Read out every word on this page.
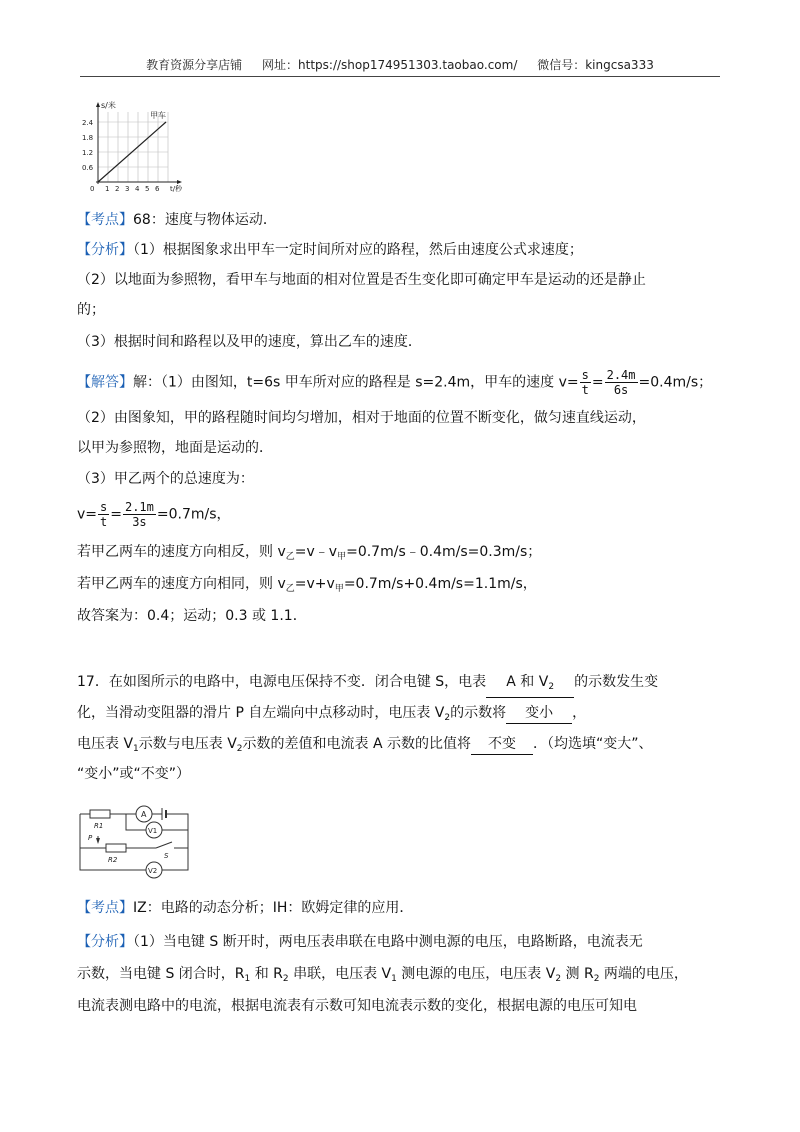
教育资源分享店铺 网址：https://shop174951303.taobao.com/ 微信号：kingcsa333
s/米
甲车
2.4
1.8
1.2
0.6
0 1 2 3 4 5 6 t/秒
【考点】68：速度与物体运动．
【分析】（1）根据图象求出甲车一定时间所对应的路程，然后由速度公式求速度；
（2）以地面为参照物，看甲车与地面的相对位置是否生变化即可确定甲车是运动的还是静止
的；
（3）根据时间和路程以及甲的速度，算出乙车的速度．
【解答】解：（1）由图知，t=6s 甲车所对应的路程是 s=2.4m，甲车的速度 $v= \frac{s}{t} = \frac{2.4m}{6s} =0.4m/s$；
（2）由图象知，甲的路程随时间均匀增加，相对于地面的位置不断变化，做匀速直线运动，
以甲为参照物，地面是运动的．
（3）甲乙两个的总速度为：
$v= \frac{s}{t} = \frac{2.1m}{3s} =0.7m/s$，
若甲乙两车的速度方向相反，则 $v_乙=v﹣v_甲=0.7m/s﹣0.4m/s=0.3m/s$；
若甲乙两车的速度方向相同，则 $v_乙=v+v_甲=0.7m/s+0.4m/s=1.1m/s$，
故答案为：0.4；运动；0.3 或 1.1．
17．在如图所示的电路中，电源电压保持不变．闭合电键 S，电表 A 和 $V_2$ 的示数发生变
化，当滑动变阻器的滑片 P 自左端向中点移动时，电压表 $V_2$的示数将 变小 ，
电压表 $V_1$示数与电压表 $V_2$示数的差值和电流表 A 示数的比值将 不变 ．（均选填“变大”、
“变小”或“不变”）
R1
A
V1
P
R2	S
V2
【考点】IZ：电路的动态分析；IH：欧姆定律的应用．
【分析】（1）当电键 S 断开时，两电压表串联在电路中测电源的电压，电路断路，电流表无
示数，当电键 S 闭合时，$R_1$ 和 $R_2$ 串联，电压表 $V_1$ 测电源的电压，电压表 $V_2$ 测 $R_2$ 两端的电压，
电流表测电路中的电流，根据电流表有示数可知电流表示数的变化，根据电源的电压可知电
